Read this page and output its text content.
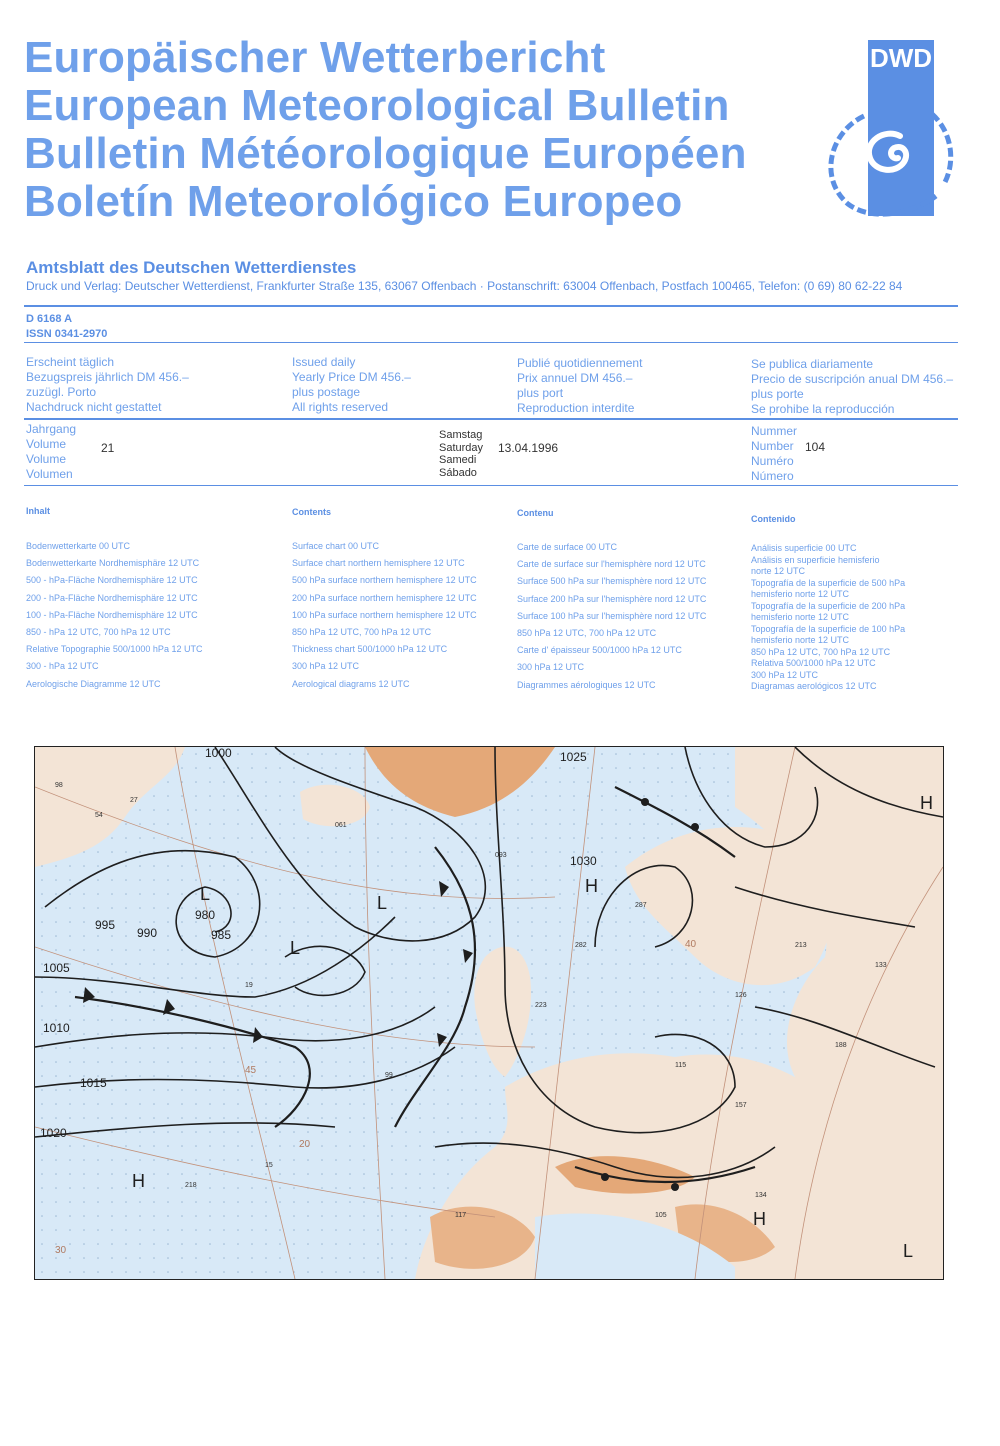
Europäischer Wetterbericht
European Meteorological Bulletin
Bulletin Météorologique Européen
Boletín Meteorológico Europeo
DWD
Amtsblatt des Deutschen Wetterdienstes
Druck und Verlag: Deutscher Wetterdienst, Frankfurter Straße 135, 63067 Offenbach · Postanschrift: 63004 Offenbach, Postfach 100465, Telefon: (0 69) 80 62-22 84
D 6168 A
ISSN 0341-2970
Erscheint täglich
Bezugspreis jährlich DM 456.–
zuzügl. Porto
Nachdruck nicht gestattet
Issued daily
Yearly Price DM 456.–
plus postage
All rights reserved
Publié quotidiennement
Prix annuel DM 456.–
plus port
Reproduction interdite
Se publica diariamente
Precio de suscripción anual DM 456.–
plus porte
Se prohibe la reproducción
Jahrgang
Volume
Volume
Volumen
21
Samstag
Saturday
Samedi
Sábado
13.04.1996
Nummer
Number
Numéro
Número
104
Inhalt
Bodenwetterkarte 00 UTC
Bodenwetterkarte Nordhemisphäre 12 UTC
500 - hPa-Fläche Nordhemisphäre 12 UTC
200 - hPa-Fläche Nordhemisphäre 12 UTC
100 - hPa-Fläche Nordhemisphäre 12 UTC
850 - hPa 12 UTC, 700 hPa 12 UTC
Relative Topographie 500/1000 hPa 12 UTC
300 - hPa 12 UTC
Aerologische Diagramme 12 UTC
Contents
Surface chart 00 UTC
Surface chart northern hemisphere 12 UTC
500 hPa surface northern hemisphere 12 UTC
200 hPa surface northern hemisphere 12 UTC
100 hPa surface northern hemisphere 12 UTC
850 hPa 12 UTC, 700 hPa 12 UTC
Thickness chart 500/1000 hPa 12 UTC
300 hPa 12 UTC
Aerological diagrams 12 UTC
Contenu
Carte de surface 00 UTC
Carte de surface sur l'hemisphère nord 12 UTC
Surface 500 hPa sur l'hemisphère nord 12 UTC
Surface 200 hPa sur l'hemisphère nord 12 UTC
Surface 100 hPa sur l'hemisphère nord 12 UTC
850 hPa 12 UTC, 700 hPa 12 UTC
Carte d' épaisseur 500/1000 hPa 12 UTC
300 hPa 12 UTC
Diagrammes aérologiques 12 UTC
Contenido
Análisis superficie 00 UTC
Análisis en superficie hemisferio
norte 12 UTC
Topografía de la superficie de 500 hPa
hemisferio norte 12 UTC
Topografía de la superficie de 200 hPa
hemisferio norte 12 UTC
Topografía de la superficie de 100 hPa
hemisferio norte 12 UTC
850 hPa 12 UTC, 700 hPa 12 UTC
Relativa 500/1000 hPa 12 UTC
300 hPa 12 UTC
Diagramas aerológicos 12 UTC
98
54
27
19
061
093
223
282
287
115
126
213
188
133
105
117
134
218
15
99
157
1000
1005
1010
1015
1020
1025
1030
995
990	985
980
L
L
L
H
H
H
H
L
45
30
20
40
